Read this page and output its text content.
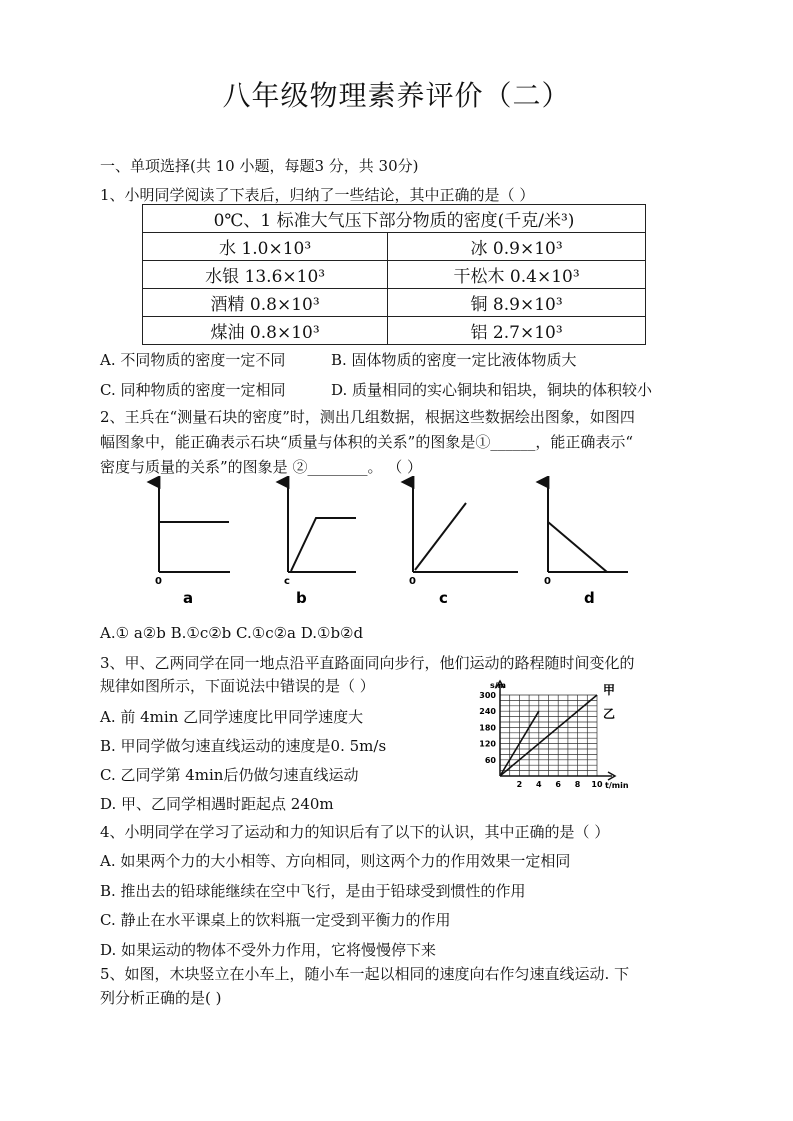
八年级物理素养评价（二）
一、单项选择(共 10 小题，每题3 分，共 30分)
1、小明同学阅读了下表后，归纳了一些结论，其中正确的是（ ）
0℃、1 标准大气压下部分物质的密度(千克/米³)	
水 1.0×10³	冰 0.9×10³
水银 13.6×10³	干松木 0.4×10³
酒精 0.8×10³	铜 8.9×10³
煤油 0.8×10³	铝 2.7×10³
A. 不同物质的密度一定不同	B. 固体物质的密度一定比液体物质大
C. 同种物质的密度一定相同	D. 质量相同的实心铜块和铝块，铜块的体积较小
2、王兵在“测量石块的密度”时，测出几组数据，根据这些数据绘出图象，如图四
幅图象中，能正确表示石块“质量与体积的关系”的图象是①______，能正确表示“
密度与质量的关系”的图象是 ②________。 （ ）
0	c	0	0
a	b	c	d
A.① a②b B.①c②b C.①c②a D.①b②d
3、甲、乙两同学在同一地点沿平直路面同向步行，他们运动的路程随时间变化的
规律如图所示，下面说法中错误的是（ ）
A. 前 4min 乙同学速度比甲同学速度大
B. 甲同学做匀速直线运动的速度是0. 5m/s
C. 乙同学第 4min后仍做匀速直线运动
D. 甲、乙同学相遇时距起点 240m
60
120
180
240
300
2 4 6 8 10
s/m
t/min
甲
乙
4、小明同学在学习了运动和力的知识后有了以下的认识，其中正确的是（ ）
A. 如果两个力的大小相等、方向相同，则这两个力的作用效果一定相同
B. 推出去的铅球能继续在空中飞行，是由于铅球受到惯性的作用
C. 静止在水平课桌上的饮料瓶一定受到平衡力的作用
D. 如果运动的物体不受外力作用，它将慢慢停下来
5、如图，木块竖立在小车上，随小车一起以相同的速度向右作匀速直线运动. 下
列分析正确的是( )
